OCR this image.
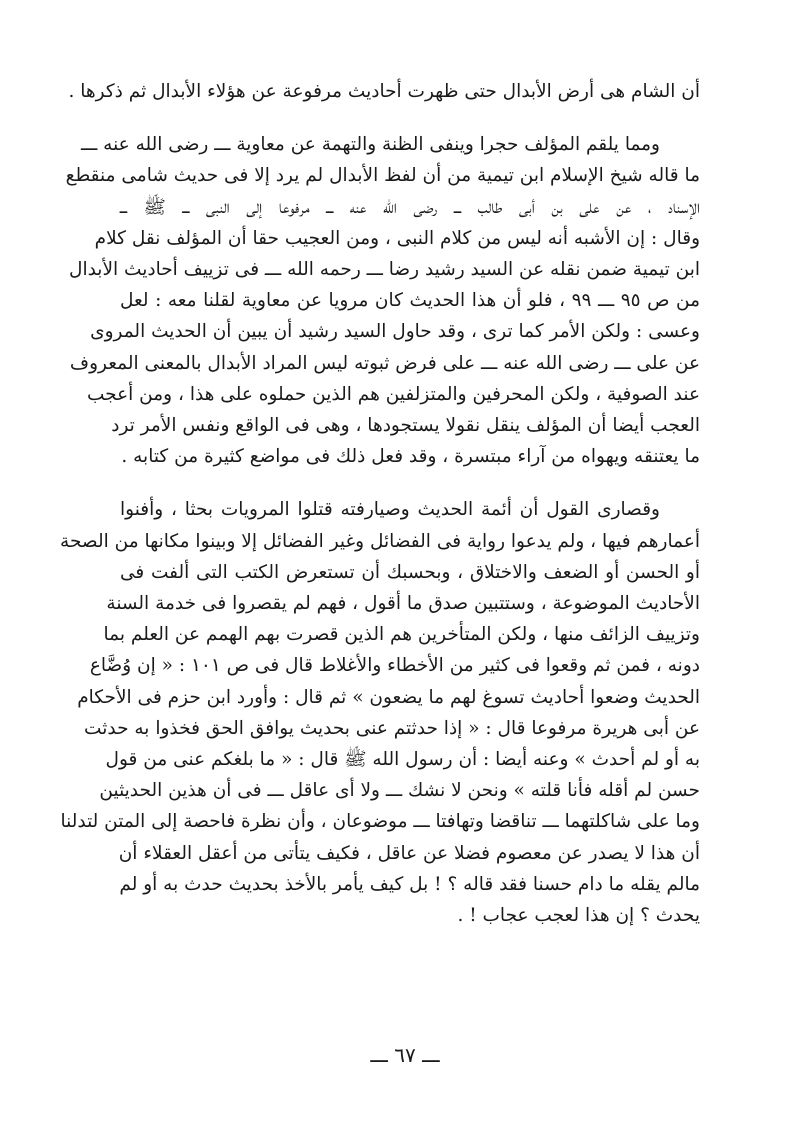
أن الشام هى أرض الأبدال حتى ظهرت أحاديث مرفوعة عن هؤلاء الأبدال ثم ذكرها .

ومما يلقم المؤلف حجرا وينفى الظنة والتهمة عن معاوية ـــ رضى الله عنه ـــ
ما قاله شيخ الإسلام ابن تيمية من أن لفظ الأبدال لم يرد إلا فى حديث شامى منقطع
الإسناد ، عن على بن أبى طالب ـــ رضى الله عنه ـــ مرفوعا إلى النبى ـــ ﷺ ـــ
وقال : إن الأشبه أنه ليس من كلام النبى ، ومن العجيب حقا أن المؤلف نقل كلام
ابن تيمية ضمن نقله عن السيد رشيد رضا ـــ رحمه الله ـــ فى تزييف أحاديث الأبدال
من ص ٩٥ ـــ ٩٩ ، فلو أن هذا الحديث كان مرويا عن معاوية لقلنا معه : لعل
وعسى : ولكن الأمر كما ترى ، وقد حاول السيد رشيد أن يبين أن الحديث المروى
عن على ـــ رضى الله عنه ـــ على فرض ثبوته ليس المراد الأبدال بالمعنى المعروف
عند الصوفية ، ولكن المحرفين والمتزلفين هم الذين حملوه على هذا ، ومن أعجب
العجب أيضا أن المؤلف ينقل نقولا يستجودها ، وهى فى الواقع ونفس الأمر ترد
ما يعتنقه ويهواه من آراء مبتسرة ، وقد فعل ذلك فى مواضع كثيرة من كتابه .

وقصارى القول أن أئمة الحديث وصيارفته قتلوا المرويات بحثا ، وأفنوا
أعمارهم فيها ، ولم يدعوا رواية فى الفضائل وغير الفضائل إلا وبينوا مكانها من الصحة
أو الحسن أو الضعف والاختلاق ، وبحسبك أن تستعرض الكتب التى ألفت فى
الأحاديث الموضوعة ، وستتبين صدق ما أقول ، فهم لم يقصروا فى خدمة السنة
وتزييف الزائف منها ، ولكن المتأخرين هم الذين قصرت بهم الهمم عن العلم بما
دونه ، فمن ثم وقعوا فى كثير من الأخطاء والأغلاط قال فى ص ١٠١ : « إن وُضَّاع
الحديث وضعوا أحاديث تسوغ لهم ما يضعون » ثم قال : وأورد ابن حزم فى الأحكام
عن أبى هريرة مرفوعا قال : « إذا حدثتم عنى بحديث يوافق الحق فخذوا به حدثت
به أو لم أحدث » وعنه أيضا : أن رسول الله ﷺ قال : « ما بلغكم عنى من قول
حسن لم أقله فأنا قلته » ونحن لا نشك ـــ ولا أى عاقل ـــ فى أن هذين الحديثين
وما على شاكلتهما ـــ تناقضا وتهافتا ـــ موضوعان ، وأن نظرة فاحصة إلى المتن لتدلنا
أن هذا لا يصدر عن معصوم فضلا عن عاقل ، فكيف يتأتى من أعقل العقلاء أن
مالم يقله ما دام حسنا فقد قاله ؟ ! بل كيف يأمر بالأخذ بحديث حدث به أو لم
يحدث ؟ إن هذا لعجب عجاب ! .

ـــ ٦٧ ـــ
